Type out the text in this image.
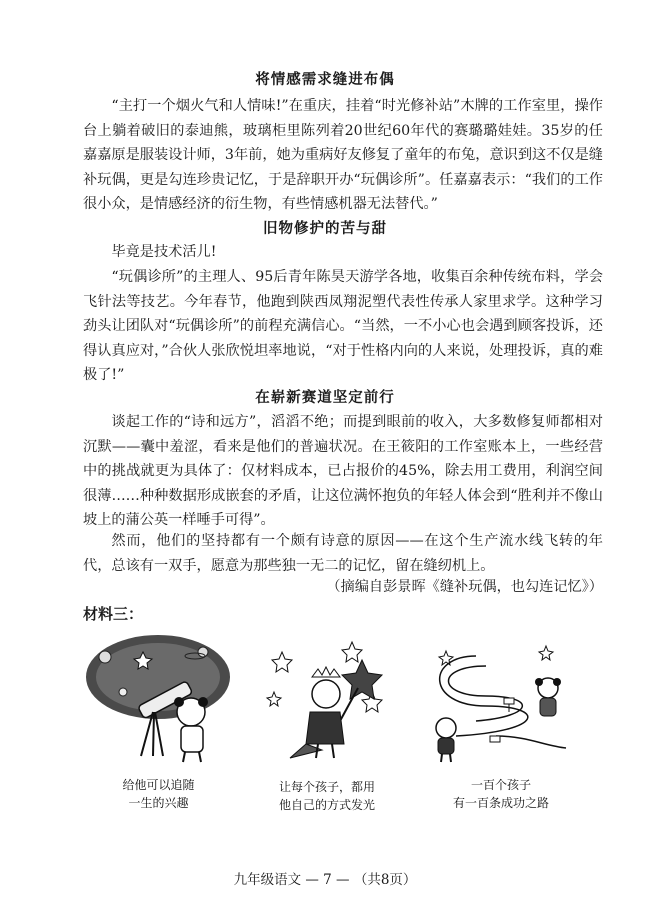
将情感需求缝进布偶
“主打一个烟火气和人情味!”在重庆，挂着“时光修补站”木牌的工作室里，操作台上躺着破旧的泰迪熊，玻璃柜里陈列着20世纪60年代的赛璐璐娃娃。35岁的任嘉嘉原是服装设计师，3年前，她为重病好友修复了童年的布兔，意识到这不仅是缝补玩偶，更是勾连珍贵记忆，于是辞职开办“玩偶诊所”。任嘉嘉表示：“我们的工作很小众，是情感经济的衍生物，有些情感机器无法替代。”
旧物修护的苦与甜
毕竟是技术活儿!
“玩偶诊所”的主理人、95后青年陈昊天游学各地，收集百余种传统布料，学会飞针法等技艺。今年春节，他跑到陕西凤翔泥塑代表性传承人家里求学。这种学习劲头让团队对“玩偶诊所”的前程充满信心。“当然，一不小心也会遇到顾客投诉，还得认真应对，”合伙人张欣悦坦率地说，“对于性格内向的人来说，处理投诉，真的难极了!”
在崭新赛道坚定前行
谈起工作的“诗和远方”，滔滔不绝；而提到眼前的收入，大多数修复师都相对沉默——囊中羞涩，看来是他们的普遍状况。在王筱阳的工作室账本上，一些经营中的挑战就更为具体了：仅材料成本，已占报价的45%，除去用工费用，利润空间很薄……种种数据形成嵌套的矛盾，让这位满怀抱负的年轻人体会到“胜利并不像山坡上的蒲公英一样唾手可得”。
然而，他们的坚持都有一个颇有诗意的原因——在这个生产流水线飞转的年代，总该有一双手，愿意为那些独一无二的记忆，留在缝纫机上。
（摘编自彭景晖《缝补玩偶，也勾连记忆》）
材料三：
给他可以追随
一生的兴趣
让每个孩子，都用
他自己的方式发光
一百个孩子
有一百条成功之路
九年级语文 — 7 — （共8页）
